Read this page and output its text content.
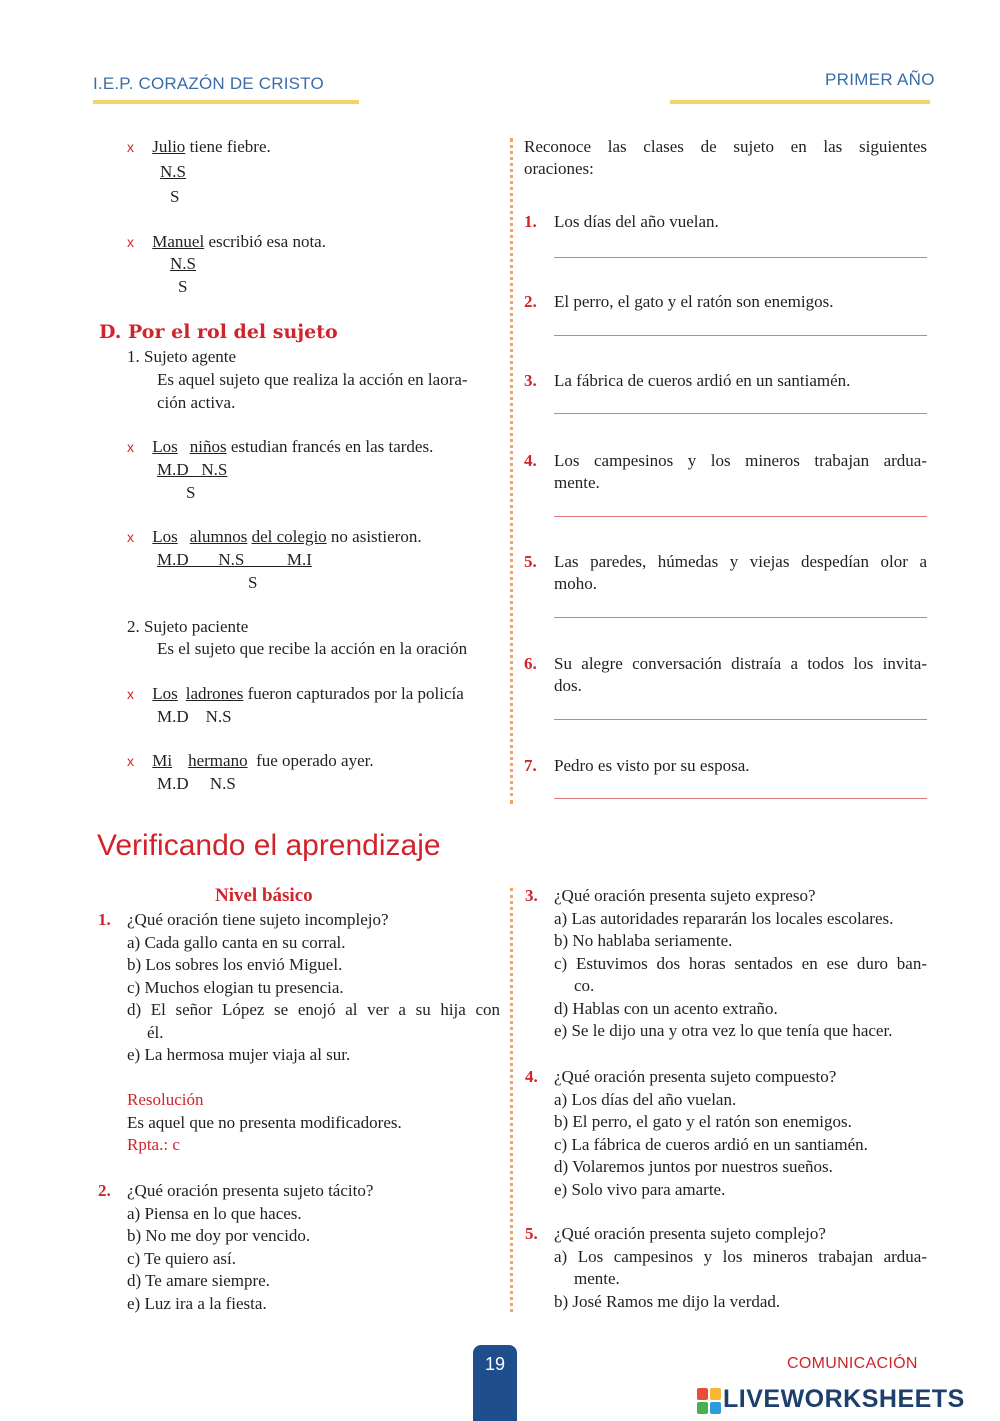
I.E.P. CORAZÓN DE CRISTO	PRIMER AÑO
x Julio tiene fiebre.
N.S
S
x Manuel escribió esa nota.
N.S
S
D. Por el rol del sujeto
1. Sujeto agente
Es aquel sujeto que realiza la acción en laora-
ción activa.
x Los niños estudian francés en las tardes.
M.D   N.S
S
x Los alumnos del colegio no asistieron.
M.D       N.S          M.I
S
2. Sujeto paciente
Es el sujeto que recibe la acción en la oración
x Los ladrones fueron capturados por la policía
M.D    N.S
x Mi hermano  fue operado ayer.
M.D     N.S
Reconoce las clases de sujeto en las siguientes
oraciones:
1. Los días del año vuelan.
2. El perro, el gato y el ratón son enemigos.
3. La fábrica de cueros ardió en un santiamén.
4. Los campesinos y los mineros trabajan ardua-
mente.
5. Las paredes, húmedas y viejas despedían olor a
moho.
6. Su alegre conversación distraía a todos los invita-
dos.
7. Pedro es visto por su esposa.
Verificando el aprendizaje
Nivel básico
1. ¿Qué oración tiene sujeto incomplejo?
a) Cada gallo canta en su corral.
b) Los sobres los envió Miguel.
c) Muchos elogian tu presencia.
d) El señor López se enojó al ver a su hija con
él.
e) La hermosa mujer viaja al sur.
Resolución
Es aquel que no presenta modificadores.
Rpta.: c
2. ¿Qué oración presenta sujeto tácito?
a) Piensa en lo que haces.
b) No me doy por vencido.
c) Te quiero así.
d) Te amare siempre.
e) Luz ira a la fiesta.
3. ¿Qué oración presenta sujeto expreso?
a) Las autoridades repararán los locales escolares.
b) No hablaba seriamente.
c) Estuvimos dos horas sentados en ese duro ban-
co.
d) Hablas con un acento extraño.
e) Se le dijo una y otra vez lo que tenía que hacer.
4. ¿Qué oración presenta sujeto compuesto?
a) Los días del año vuelan.
b) El perro, el gato y el ratón son enemigos.
c) La fábrica de cueros ardió en un santiamén.
d) Volaremos juntos por nuestros sueños.
e) Solo vivo para amarte.
5. ¿Qué oración presenta sujeto complejo?
a) Los campesinos y los mineros trabajan ardua-
mente.
b) José Ramos me dijo la verdad.
19	COMUNICACIÓN
LIVEWORKSHEETS
